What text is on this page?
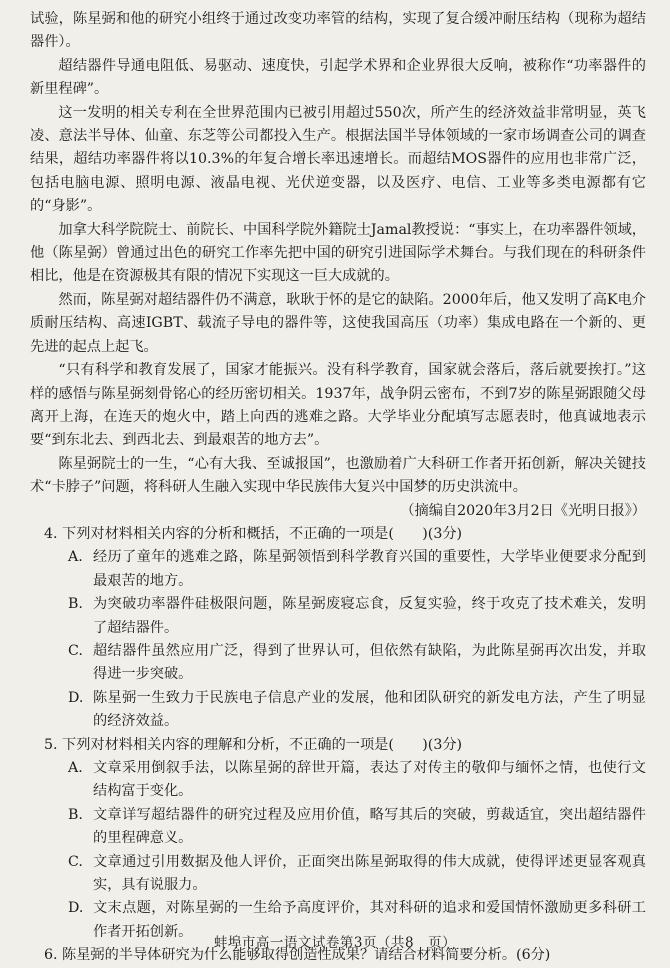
试验，陈星弼和他的研究小组终于通过改变功率管的结构，实现了复合缓冲耐压结构（现称为超结器件）。

超结器件导通电阻低、易驱动、速度快，引起学术界和企业界很大反响，被称作“功率器件的新里程碑”。

这一发明的相关专利在全世界范围内已被引用超过550次，所产生的经济效益非常明显，英飞凌、意法半导体、仙童、东芝等公司都投入生产。根据法国半导体领域的一家市场调查公司的调查结果，超结功率器件将以10.3%的年复合增长率迅速增长。而超结MOS器件的应用也非常广泛，包括电脑电源、照明电源、液晶电视、光伏逆变器，以及医疗、电信、工业等多类电源都有它的“身影”。

加拿大科学院院士、前院长、中国科学院外籍院士Jamal教授说：“事实上，在功率器件领域，他（陈星弼）曾通过出色的研究工作率先把中国的研究引进国际学术舞台。与我们现在的科研条件相比，他是在资源极其有限的情况下实现这一巨大成就的。

然而，陈星弼对超结器件仍不满意，耿耿于怀的是它的缺陷。2000年后，他又发明了高K电介质耐压结构、高速IGBT、载流子导电的器件等，这使我国高压（功率）集成电路在一个新的、更先进的起点上起飞。

“只有科学和教育发展了，国家才能振兴。没有科学教育，国家就会落后，落后就要挨打。”这样的感悟与陈星弼刻骨铭心的经历密切相关。1937年，战争阴云密布，不到7岁的陈星弼跟随父母离开上海，在连天的炮火中，踏上向西的逃难之路。大学毕业分配填写志愿表时，他真诚地表示要“到东北去、到西北去、到最艰苦的地方去”。

陈星弼院士的一生，“心有大我、至诚报国”，也激励着广大科研工作者开拓创新，解决关键技术“卡脖子”问题，将科研人生融入实现中华民族伟大复兴中国梦的历史洪流中。

（摘编自2020年3月2日《光明日报》）

4. 下列对材料相关内容的分析和概括，不正确的一项是(　　)(3分)

A. 经历了童年的逃难之路，陈星弼领悟到科学教育兴国的重要性，大学毕业便要求分配到最艰苦的地方。

B. 为突破功率器件硅极限问题，陈星弼废寝忘食，反复实验，终于攻克了技术难关，发明了超结器件。

C. 超结器件虽然应用广泛，得到了世界认可，但依然有缺陷，为此陈星弼再次出发，并取得进一步突破。

D. 陈星弼一生致力于民族电子信息产业的发展，他和团队研究的新发电方法，产生了明显的经济效益。

5. 下列对材料相关内容的理解和分析，不正确的一项是(　　)(3分)

A. 文章采用倒叙手法，以陈星弼的辞世开篇，表达了对传主的敬仰与缅怀之情，也使行文结构富于变化。

B. 文章详写超结器件的研究过程及应用价值，略写其后的突破，剪裁适宜，突出超结器件的里程碑意义。

C. 文章通过引用数据及他人评价，正面突出陈星弼取得的伟大成就，使得评述更显客观真实，具有说服力。

D. 文末点题，对陈星弼的一生给予高度评价，其对科研的追求和爱国情怀激励更多科研工作者开拓创新。

6. 陈星弼的半导体研究为什么能够取得创造性成果？请结合材料简要分析。(6分)

蚌埠市高一语文试卷第3页（共8　页）
